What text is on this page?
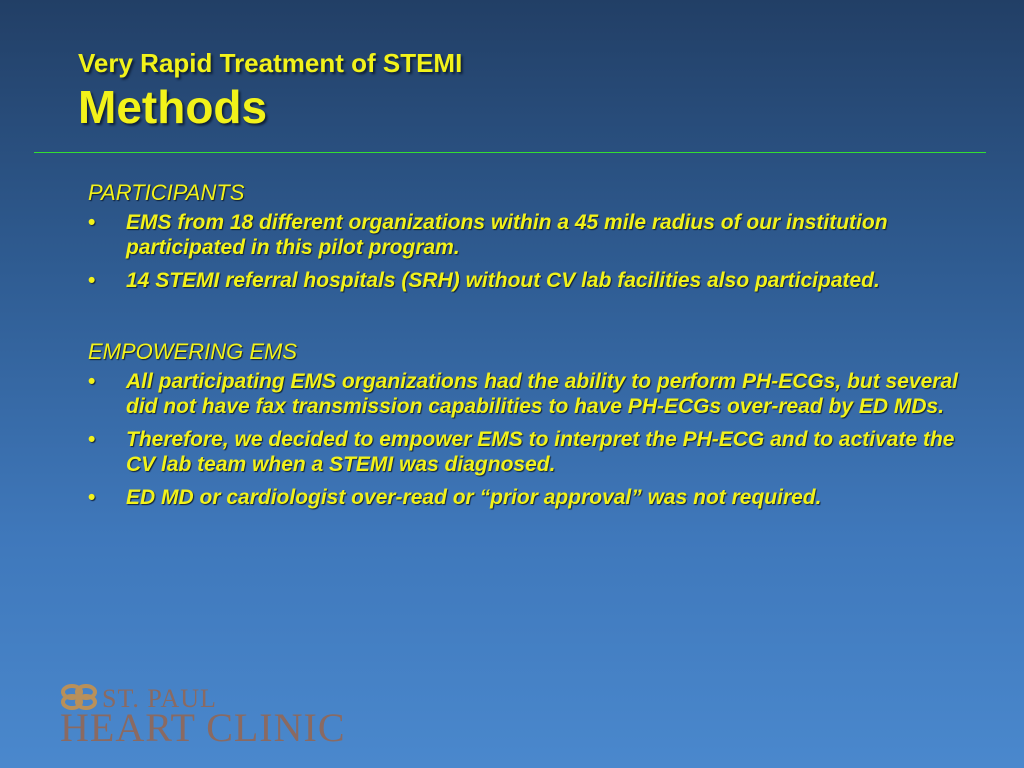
Very Rapid Treatment of STEMI
Methods
PARTICIPANTS
• EMS from 18 different organizations within a 45 mile radius of our institution participated in this pilot program.
• 14 STEMI referral hospitals (SRH) without CV lab facilities also participated.
EMPOWERING EMS
• All participating EMS organizations had the ability to perform PH-ECGs, but several did not have fax transmission capabilities to have PH-ECGs over-read by ED MDs.
• Therefore, we decided to empower EMS to interpret the PH-ECG and to activate the CV lab team when a STEMI was diagnosed.
• ED MD or cardiologist over-read or “prior approval” was not required.
ST. PAUL
HEART CLINIC
